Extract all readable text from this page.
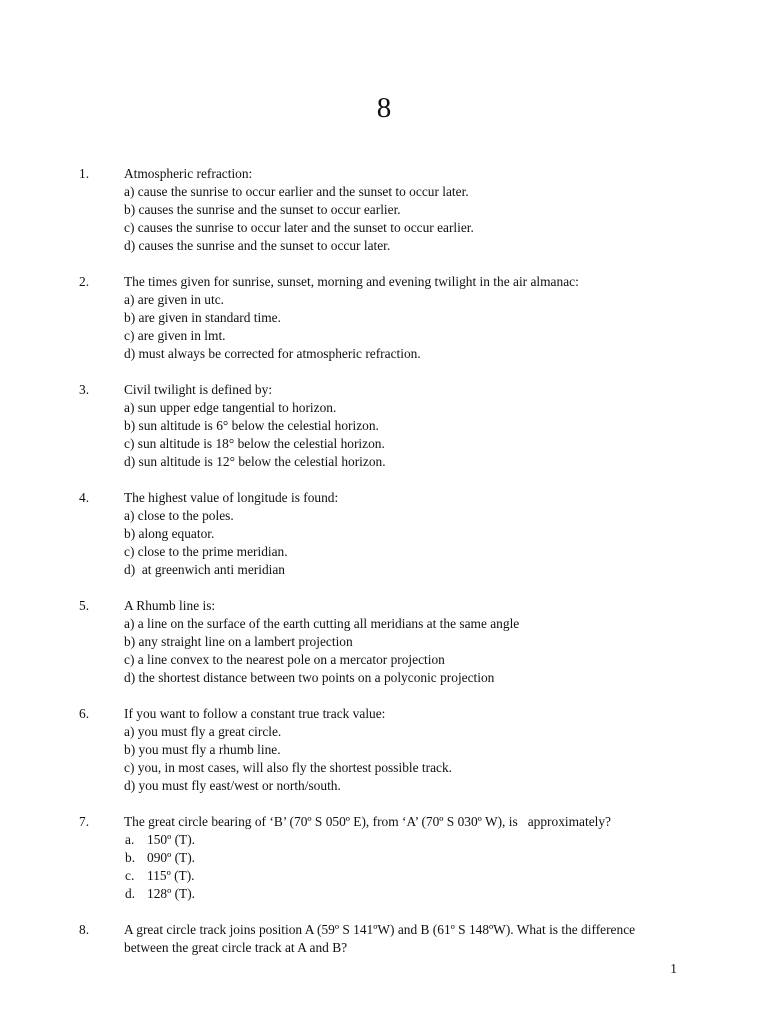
8
1.	Atmospheric refraction:
a) cause the sunrise to occur earlier and the sunset to occur later.
b) causes the sunrise and the sunset to occur earlier.
c) causes the sunrise to occur later and the sunset to occur earlier.
d) causes the sunrise and the sunset to occur later.
2.	The times given for sunrise, sunset, morning and evening twilight in the air almanac:
a) are given in utc.
b) are given in standard time.
c) are given in lmt.
d) must always be corrected for atmospheric refraction.
3.	Civil twilight is defined by:
a) sun upper edge tangential to horizon.
b) sun altitude is 6° below the celestial horizon.
c) sun altitude is 18° below the celestial horizon.
d) sun altitude is 12° below the celestial horizon.
4.	The highest value of longitude is found:
a) close to the poles.
b) along equator.
c) close to the prime meridian.
d)  at greenwich anti meridian
5.	A Rhumb line is:
a) a line on the surface of the earth cutting all meridians at the same angle
b) any straight line on a lambert projection
c) a line convex to the nearest pole on a mercator projection
d) the shortest distance between two points on a polyconic projection
6.	If you want to follow a constant true track value:
a) you must fly a great circle.
b) you must fly a rhumb line.
c) you, in most cases, will also fly the shortest possible track.
d) you must fly east/west or north/south.
7.	The great circle bearing of ‘B’ (70º S 050º E), from ‘A’ (70º S 030º W), is   approximately?
a. 150º (T).
b. 090º (T).
c. 115º (T).
d. 128º (T).
8.	A great circle track joins position A (59º S 141ºW) and B (61º S 148ºW). What is the difference between the great circle track at A and B?
1
